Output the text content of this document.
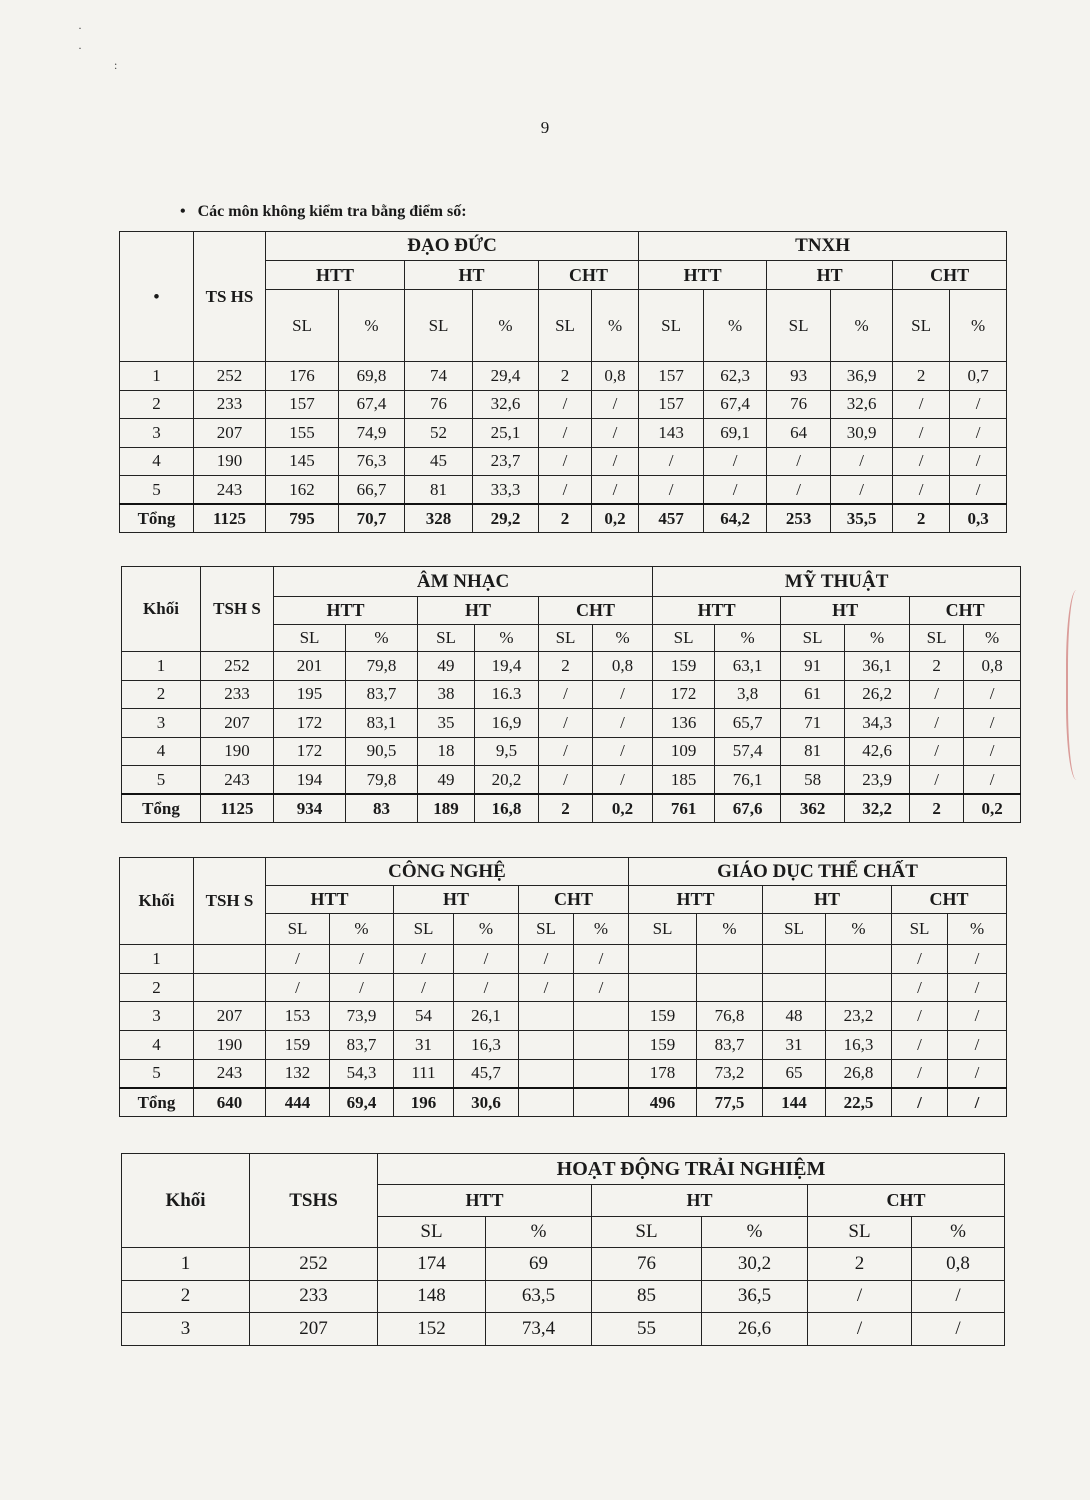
·
·
:
9
• Các môn không kiểm tra bằng điểm số:
•	TS HS	ĐẠO ĐỨC						TNXH					
		HTT		HT		CHT		HTT		HT		CHT	
		SL	%	SL	%	SL	%	SL	%	SL	%	SL	%
1	252	176	69,8	74	29,4	2	0,8	157	62,3	93	36,9	2	0,7
2	233	157	67,4	76	32,6	/	/	157	67,4	76	32,6	/	/
3	207	155	74,9	52	25,1	/	/	143	69,1	64	30,9	/	/
4	190	145	76,3	45	23,7	/	/	/	/	/	/	/	/
5	243	162	66,7	81	33,3	/	/	/	/	/	/	/	/
Tổng	1125	795	70,7	328	29,2	2	0,2	457	64,2	253	35,5	2	0,3
Khối	TSH S	ÂM NHẠC						MỸ THUẬT					
		HTT		HT		CHT		HTT		HT		CHT	
		SL	%	SL	%	SL	%	SL	%	SL	%	SL	%
1	252	201	79,8	49	19,4	2	0,8	159	63,1	91	36,1	2	0,8
2	233	195	83,7	38	16.3	/	/	172	3,8	61	26,2	/	/
3	207	172	83,1	35	16,9	/	/	136	65,7	71	34,3	/	/
4	190	172	90,5	18	9,5	/	/	109	57,4	81	42,6	/	/
5	243	194	79,8	49	20,2	/	/	185	76,1	58	23,9	/	/
Tổng	1125	934	83	189	16,8	2	0,2	761	67,6	362	32,2	2	0,2
Khối	TSH S	CÔNG NGHỆ						GIÁO DỤC THỂ CHẤT					
		HTT		HT		CHT		HTT		HT		CHT	
		SL	%	SL	%	SL	%	SL	%	SL	%	SL	%
1		/	/	/	/	/	/					/	/
2		/	/	/	/	/	/					/	/
3	207	153	73,9	54	26,1			159	76,8	48	23,2	/	/
4	190	159	83,7	31	16,3			159	83,7	31	16,3	/	/
5	243	132	54,3	111	45,7			178	73,2	65	26,8	/	/
Tổng	640	444	69,4	196	30,6			496	77,5	144	22,5	/	/
Khối	TSHS	HOẠT ĐỘNG TRẢI NGHIỆM					
		HTT		HT		CHT	
		SL	%	SL	%	SL	%
1	252	174	69	76	30,2	2	0,8
2	233	148	63,5	85	36,5	/	/
3	207	152	73,4	55	26,6	/	/
